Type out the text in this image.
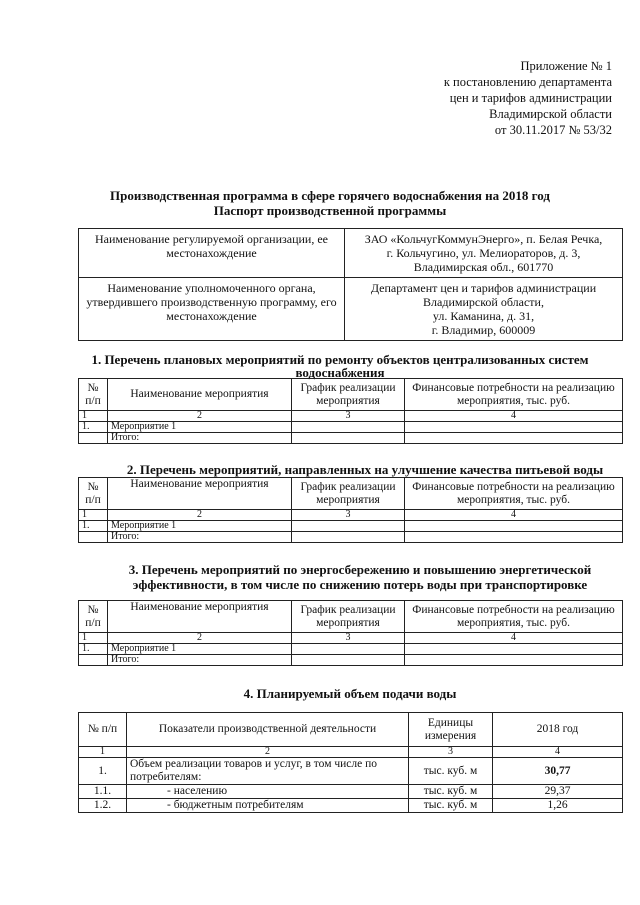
Приложение № 1
к постановлению департамента
цен и тарифов администрации
Владимирской области
от 30.11.2017 № 53/32
Производственная программа в сфере горячего водоснабжения на 2018 год
Паспорт производственной программы
Наименование регулируемой организации, ее местонахождение	ЗАО «КольчугКоммунЭнерго», п. Белая Речка,
г. Кольчугино, ул. Мелиораторов, д. 3,
Владимирская обл., 601770

Наименование уполномоченного органа, утвердившего производственную программу, его местонахождение	Департамент цен и тарифов администрации
Владимирской области,
ул. Каманина, д. 31,
г. Владимир, 600009
1. Перечень плановых мероприятий по ремонту объектов централизованных систем
водоснабжения
№ п/п	Наименование мероприятия	График реализации мероприятия	Финансовые потребности на реализацию мероприятия, тыс. руб.
1	2	3	4
1.	Мероприятие 1		
	Итого:		
2. Перечень мероприятий, направленных на улучшение качества питьевой воды
№ п/п	Наименование мероприятия	График реализации мероприятия	Финансовые потребности на реализацию мероприятия, тыс. руб.
1	2	3	4
1.	Мероприятие 1		
	Итого:		
3. Перечень мероприятий по энергосбережению и повышению энергетической
эффективности, в том числе по снижению потерь воды при транспортировке
№ п/п	Наименование мероприятия	График реализации мероприятия	Финансовые потребности на реализацию мероприятия, тыс. руб.
1	2	3	4
1.	Мероприятие 1		
	Итого:		
4. Планируемый объем подачи воды
№ п/п	Показатели производственной деятельности	Единицы измерения	2018 год
1	2	3	4
1.	Объем реализации товаров и услуг, в том числе по потребителям:	тыс. куб. м	30,77
1.1.	- населению	тыс. куб. м	29,37
1.2.	- бюджетным потребителям	тыс. куб. м	1,26
